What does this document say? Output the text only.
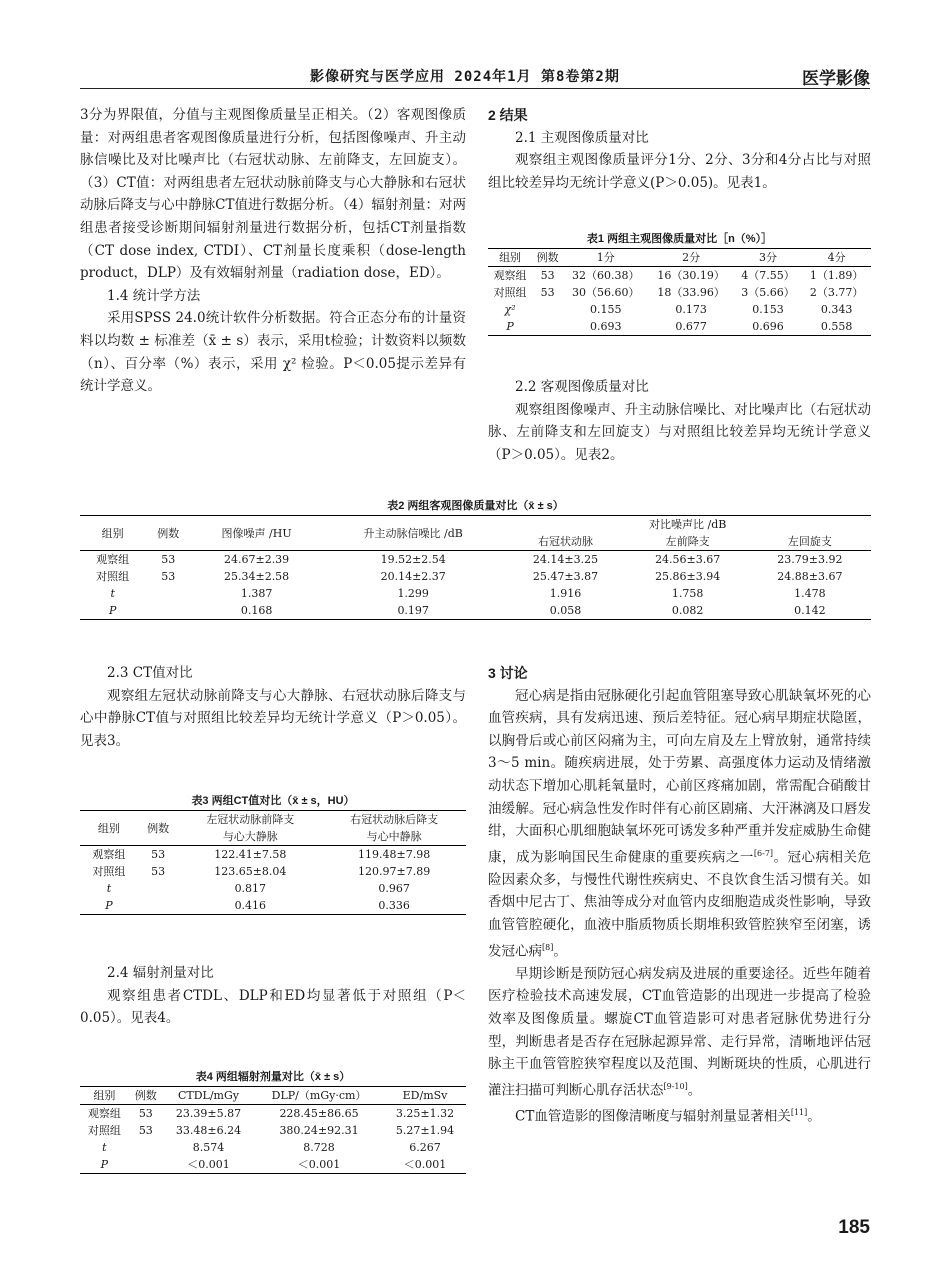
影像研究与医学应用 2024年1月 第8卷第2期	医学影像

3分为界限值，分值与主观图像质量呈正相关。（2）客观图像质量：对两组患者客观图像质量进行分析，包括图像噪声、升主动脉信噪比及对比噪声比（右冠状动脉、左前降支，左回旋支）。（3）CT值：对两组患者左冠状动脉前降支与心大静脉和右冠状动脉后降支与心中静脉CT值进行数据分析。（4）辐射剂量：对两组患者接受诊断期间辐射剂量进行数据分析，包括CT剂量指数（CT dose index, CTDI）、CT剂量长度乘积（dose-length product，DLP）及有效辐射剂量（radiation dose，ED）。

1.4 统计学方法

采用SPSS 24.0统计软件分析数据。符合正态分布的计量资料以均数 ± 标准差（x̄ ± s）表示，采用t检验；计数资料以频数（n）、百分率（%）表示，采用 χ² 检验。P＜0.05提示差异有统计学意义。

2 结果

2.1 主观图像质量对比

观察组主观图像质量评分1分、2分、3分和4分占比与对照组比较差异均无统计学意义(P＞0.05)。见表1。

表1 两组主观图像质量对比［n（%）］
组别	例数	1分	2分	3分	4分
观察组	53	32（60.38）	16（30.19）	4（7.55）	1（1.89）
对照组	53	30（56.60）	18（33.96）	3（5.66）	2（3.77）
χ²		0.155	0.173	0.153	0.343
P		0.693	0.677	0.696	0.558

2.2 客观图像质量对比

观察组图像噪声、升主动脉信噪比、对比噪声比（右冠状动脉、左前降支和左回旋支）与对照组比较差异均无统计学意义（P＞0.05）。见表2。

表2 两组客观图像质量对比（x̄ ± s）
组别	例数	图像噪声 /HU	升主动脉信噪比 /dB	对比噪声比 /dB		
				右冠状动脉	左前降支	左回旋支
观察组	53	24.67±2.39	19.52±2.54	24.14±3.25	24.56±3.67	23.79±3.92
对照组	53	25.34±2.58	20.14±2.37	25.47±3.87	25.86±3.94	24.88±3.67
t		1.387	1.299	1.916	1.758	1.478
P		0.168	0.197	0.058	0.082	0.142

2.3 CT值对比

观察组左冠状动脉前降支与心大静脉、右冠状动脉后降支与心中静脉CT值与对照组比较差异均无统计学意义（P＞0.05）。见表3。

表3 两组CT值对比（x̄ ± s，HU）
组别	例数	左冠状动脉前降支	右冠状动脉后降支
		与心大静脉	与心中静脉
观察组	53	122.41±7.58	119.48±7.98
对照组	53	123.65±8.04	120.97±7.89
t		0.817	0.967
P		0.416	0.336

2.4 辐射剂量对比

观察组患者CTDL、DLP和ED均显著低于对照组（P＜0.05）。见表4。

表4 两组辐射剂量对比（x̄ ± s）
组别	例数	CTDL/mGy	DLP/（mGy·cm）	ED/mSv
观察组	53	23.39±5.87	228.45±86.65	3.25±1.32
对照组	53	33.48±6.24	380.24±92.31	5.27±1.94
t		8.574	8.728	6.267
P		＜0.001	＜0.001	＜0.001

3 讨论

冠心病是指由冠脉硬化引起血管阻塞导致心肌缺氧坏死的心血管疾病，具有发病迅速、预后差特征。冠心病早期症状隐匿，以胸骨后或心前区闷痛为主，可向左肩及左上臂放射，通常持续3～5 min。随疾病进展，处于劳累、高强度体力运动及情绪激动状态下增加心肌耗氧量时，心前区疼痛加剧，常需配合硝酸甘油缓解。冠心病急性发作时伴有心前区剧痛、大汗淋漓及口唇发绀，大面积心肌细胞缺氧坏死可诱发多种严重并发症威胁生命健康，成为影响国民生命健康的重要疾病之一[6-7]。冠心病相关危险因素众多，与慢性代谢性疾病史、不良饮食生活习惯有关。如香烟中尼古丁、焦油等成分对血管内皮细胞造成炎性影响，导致血管管腔硬化，血液中脂质物质长期堆积致管腔狭窄至闭塞，诱发冠心病[8]。

早期诊断是预防冠心病发病及进展的重要途径。近些年随着医疗检验技术高速发展，CT血管造影的出现进一步提高了检验效率及图像质量。螺旋CT血管造影可对患者冠脉优势进行分型，判断患者是否存在冠脉起源异常、走行异常，清晰地评估冠脉主干血管管腔狭窄程度以及范围、判断斑块的性质，心肌进行灌注扫描可判断心肌存活状态[9-10]。

CT血管造影的图像清晰度与辐射剂量显著相关[11]。

185
